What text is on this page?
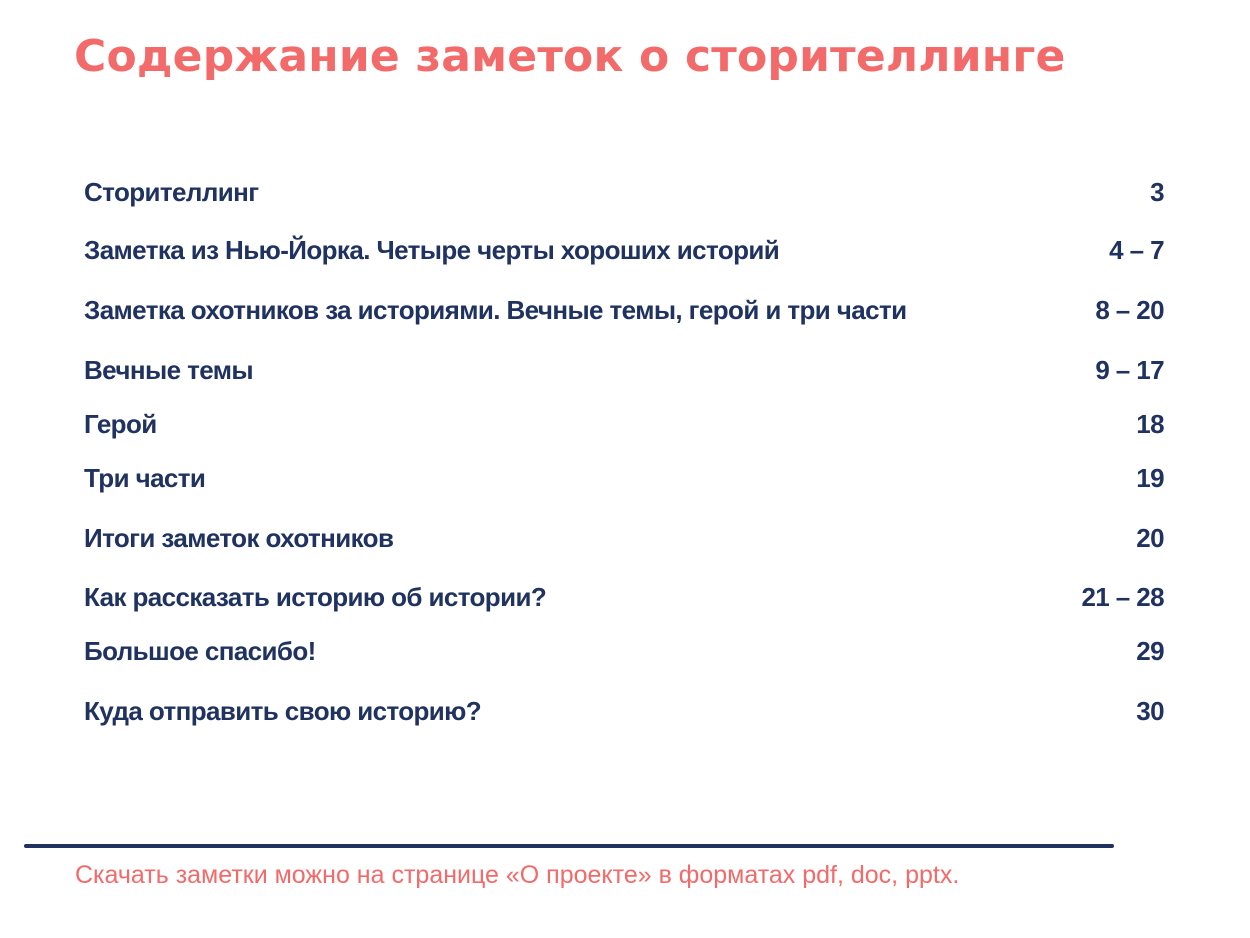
Содержание заметок о сторителлинге
Сторителлинг	3
Заметка из Нью-Йорка. Четыре черты хороших историй	4 – 7
Заметка охотников за историями. Вечные темы, герой и три части	8 – 20
Вечные темы	9 – 17
Герой	18
Три части	19
Итоги заметок охотников	20
Как рассказать историю об истории?	21 – 28
Большое спасибо!	29
Куда отправить свою историю?	30
Скачать заметки можно на странице «О проекте» в форматах pdf, doc, pptx.
